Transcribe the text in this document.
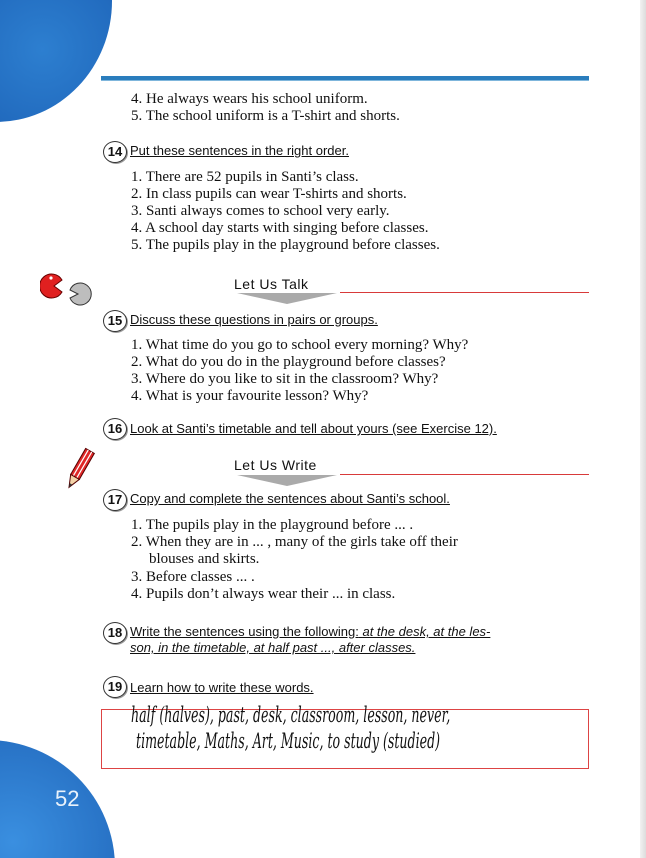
4. He always wears his school uniform.
5. The school uniform is a T-shirt and shorts.
14 Put these sentences in the right order.
1. There are 52 pupils in Santi’s class.
2. In class pupils can wear T-shirts and shorts.
3. Santi always comes to school very early.
4. A school day starts with singing before classes.
5. The pupils play in the playground before classes.
Let Us Talk
15 Discuss these questions in pairs or groups.
1. What time do you go to school every morning? Why?
2. What do you do in the playground before classes?
3. Where do you like to sit in the classroom? Why?
4. What is your favourite lesson? Why?
16 Look at Santi’s timetable and tell about yours (see Exercise 12).
Let Us Write
17 Copy and complete the sentences about Santi’s school.
1. The pupils play in the playground before ... .
2. When they are in ... , many of the girls take off their
blouses and skirts.
3. Before classes ... .
4. Pupils don’t always wear their ... in class.
18 Write the sentences using the following: at the desk, at the les-
son, in the timetable, at half past ..., after classes.
19 Learn how to write these words.
half (halves), past, desk, classroom, lesson, never,
timetable, Maths, Art, Music, to study (studied)
52
